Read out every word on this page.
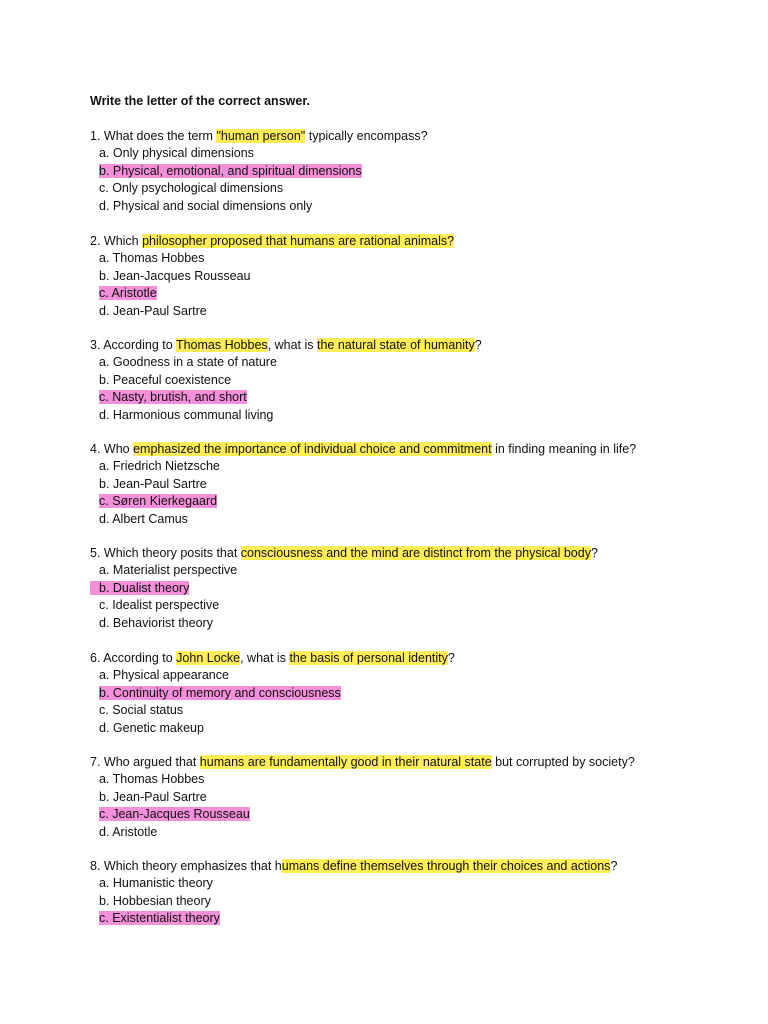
Write the letter of the correct answer.
1. What does the term "human person" typically encompass?
a. Only physical dimensions
b. Physical, emotional, and spiritual dimensions
c. Only psychological dimensions
d. Physical and social dimensions only
2. Which philosopher proposed that humans are rational animals?
a. Thomas Hobbes
b. Jean-Jacques Rousseau
c. Aristotle
d. Jean-Paul Sartre
3. According to Thomas Hobbes, what is the natural state of humanity?
a. Goodness in a state of nature
b. Peaceful coexistence
c. Nasty, brutish, and short
d. Harmonious communal living
4. Who emphasized the importance of individual choice and commitment in finding meaning in life?
a. Friedrich Nietzsche
b. Jean-Paul Sartre
c. Søren Kierkegaard
d. Albert Camus
5. Which theory posits that consciousness and the mind are distinct from the physical body?
a. Materialist perspective
b. Dualist theory
c. Idealist perspective
d. Behaviorist theory
6. According to John Locke, what is the basis of personal identity?
a. Physical appearance
b. Continuity of memory and consciousness
c. Social status
d. Genetic makeup
7. Who argued that humans are fundamentally good in their natural state but corrupted by society?
a. Thomas Hobbes
b. Jean-Paul Sartre
c. Jean-Jacques Rousseau
d. Aristotle
8. Which theory emphasizes that humans define themselves through their choices and actions?
a. Humanistic theory
b. Hobbesian theory
c. Existentialist theory
